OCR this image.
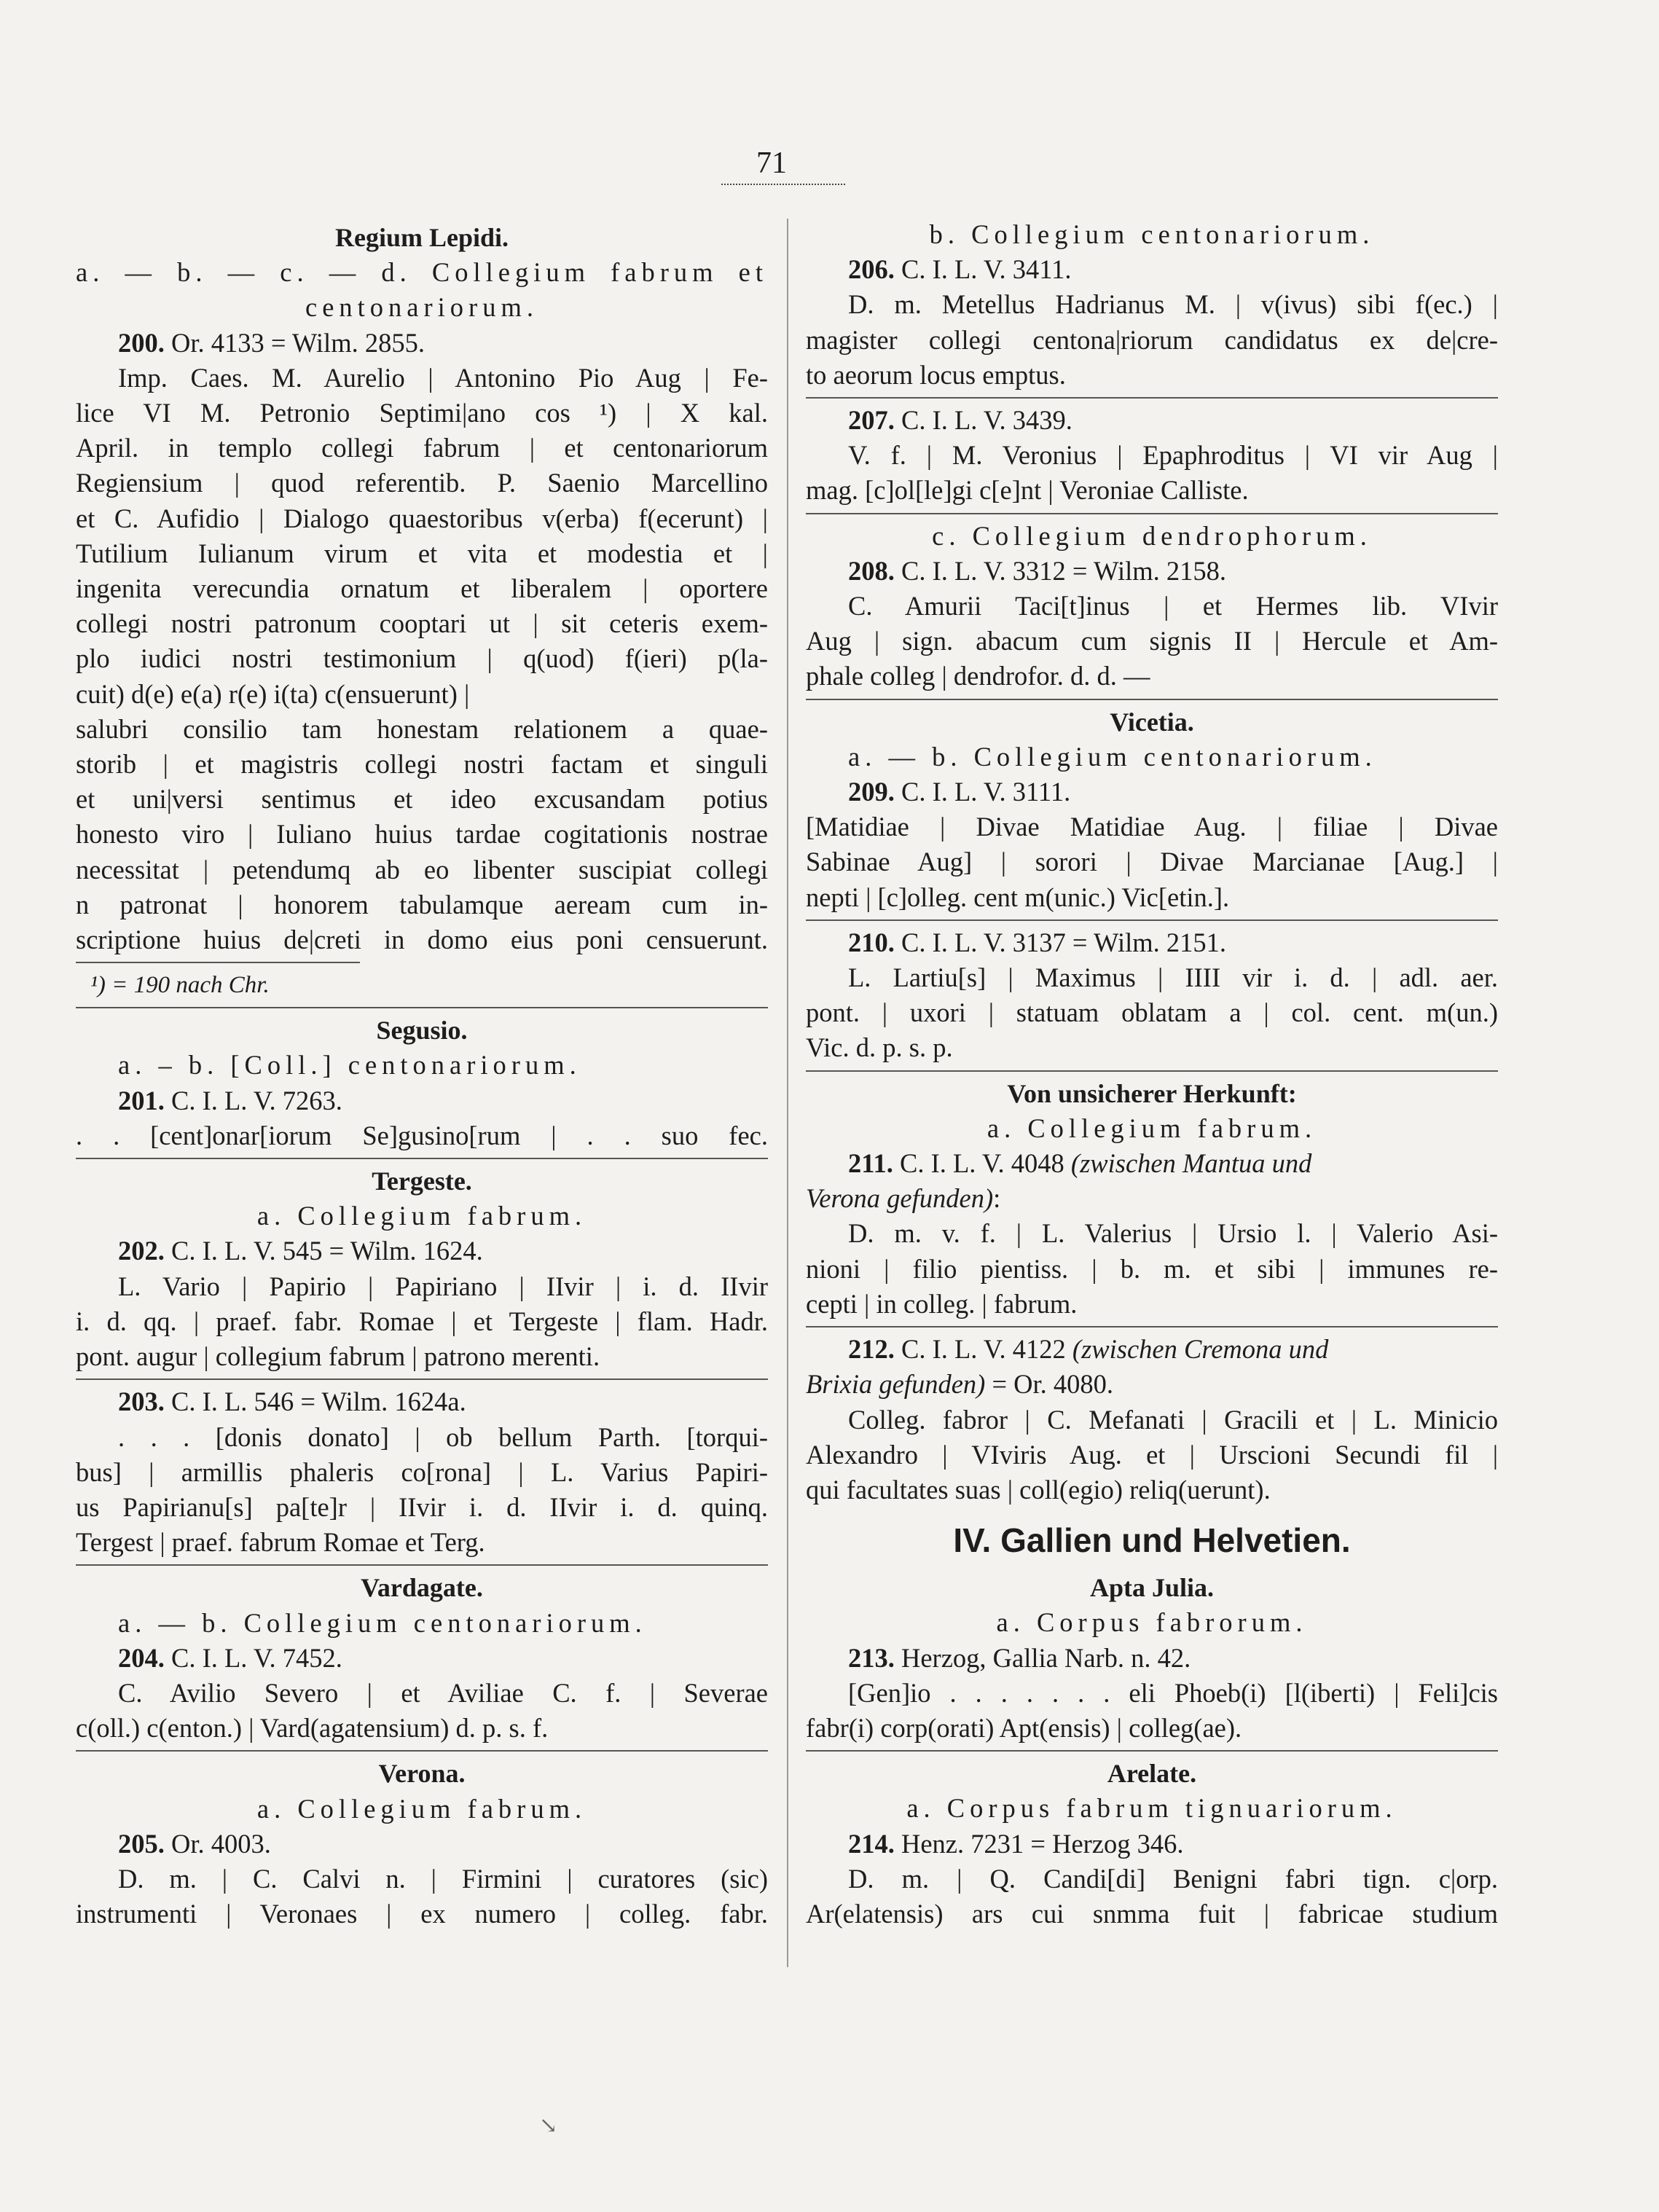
71
Regium Lepidi.
a. — b. — c. — d. Collegium fabrum et
centonariorum.
200. Or. 4133 = Wilm. 2855.
Imp. Caes. M. Aurelio | Antonino Pio Aug | Fe-
lice VI M. Petronio Septimi|ano cos ¹) | X kal.
April. in templo collegi fabrum | et centonariorum
Regiensium | quod referentib. P. Saenio Marcellino
et C. Aufidio | Dialogo quaestoribus v(erba) f(ecerunt) |
Tutilium Iulianum virum et vita et modestia et |
ingenita verecundia ornatum et liberalem | oportere
collegi nostri patronum cooptari ut | sit ceteris exem-
plo iudici nostri testimonium | q(uod) f(ieri) p(la-
cuit) d(e) e(a) r(e) i(ta) c(ensuerunt) |
salubri consilio tam honestam relationem a quae-
storib | et magistris collegi nostri factam et singuli
et uni|versi sentimus et ideo excusandam potius
honesto viro | Iuliano huius tardae cogitationis nostrae
necessitat | petendumq ab eo libenter suscipiat collegi
n patronat | honorem tabulamque aeream cum in-
scriptione huius de|creti in domo eius poni censuerunt.
¹) = 190 nach Chr.
Segusio.
a. – b. [Coll.] centonariorum.
201. C. I. L. V. 7263.
. . [cent]onar[iorum Se]gusino[rum | . . suo fec.
Tergeste.
a. Collegium fabrum.
202. C. I. L. V. 545 = Wilm. 1624.
L. Vario | Papirio | Papiriano | IIvir | i. d. IIvir
i. d. qq. | praef. fabr. Romae | et Tergeste | flam. Hadr.
pont. augur | collegium fabrum | patrono merenti.
203. C. I. L. 546 = Wilm. 1624a.
. . . [donis donato] | ob bellum Parth. [torqui-
bus] | armillis phaleris co[rona] | L. Varius Papiri-
us Papirianu[s] pa[te]r | IIvir i. d. IIvir i. d. quinq.
Tergest | praef. fabrum Romae et Terg.
Vardagate.
a. — b. Collegium centonariorum.
204. C. I. L. V. 7452.
C. Avilio Severo | et Aviliae C. f. | Severae
c(oll.) c(enton.) | Vard(agatensium) d. p. s. f.
Verona.
a. Collegium fabrum.
205. Or. 4003.
D. m. | C. Calvi n. | Firmini | curatores (sic)
instrumenti | Veronaes | ex numero | colleg. fabr.
b. Collegium centonariorum.
206. C. I. L. V. 3411.
D. m. Metellus Hadrianus M. | v(ivus) sibi f(ec.) |
magister collegi centona|riorum candidatus ex de|cre-
to aeorum locus emptus.
207. C. I. L. V. 3439.
V. f. | M. Veronius | Epaphroditus | VI vir Aug |
mag. [c]ol[le]gi c[e]nt | Veroniae Calliste.
c. Collegium dendrophorum.
208. C. I. L. V. 3312 = Wilm. 2158.
C. Amurii Taci[t]inus | et Hermes lib. VIvir
Aug | sign. abacum cum signis II | Hercule et Am-
phale colleg | dendrofor. d. d. —
Vicetia.
a. — b. Collegium centonariorum.
209. C. I. L. V. 3111.
[Matidiae | Divae Matidiae Aug. | filiae | Divae
Sabinae Aug] | sorori | Divae Marcianae [Aug.] |
nepti | [c]olleg. cent m(unic.) Vic[etin.].
210. C. I. L. V. 3137 = Wilm. 2151.
L. Lartiu[s] | Maximus | IIII vir i. d. | adl. aer.
pont. | uxori | statuam oblatam a | col. cent. m(un.)
Vic. d. p. s. p.
Von unsicherer Herkunft:
a. Collegium fabrum.
211. C. I. L. V. 4048 (zwischen Mantua und
Verona gefunden):
D. m. v. f. | L. Valerius | Ursio l. | Valerio Asi-
nioni | filio pientiss. | b. m. et sibi | immunes re-
cepti | in colleg. | fabrum.
212. C. I. L. V. 4122 (zwischen Cremona und
Brixia gefunden) = Or. 4080.
Colleg. fabror | C. Mefanati | Gracili et | L. Minicio
Alexandro | VIviris Aug. et | Urscioni Secundi fil |
qui facultates suas | coll(egio) reliq(uerunt).
IV. Gallien und Helvetien.
Apta Julia.
a. Corpus fabrorum.
213. Herzog, Gallia Narb. n. 42.
[Gen]io . . . . . . . eli Phoeb(i) [l(iberti) | Feli]cis
fabr(i) corp(orati) Apt(ensis) | colleg(ae).
Arelate.
a. Corpus fabrum tignuariorum.
214. Henz. 7231 = Herzog 346.
D. m. | Q. Candi[di] Benigni fabri tign. c|orp.
Ar(elatensis) ars cui snmma fuit | fabricae studium
↘
